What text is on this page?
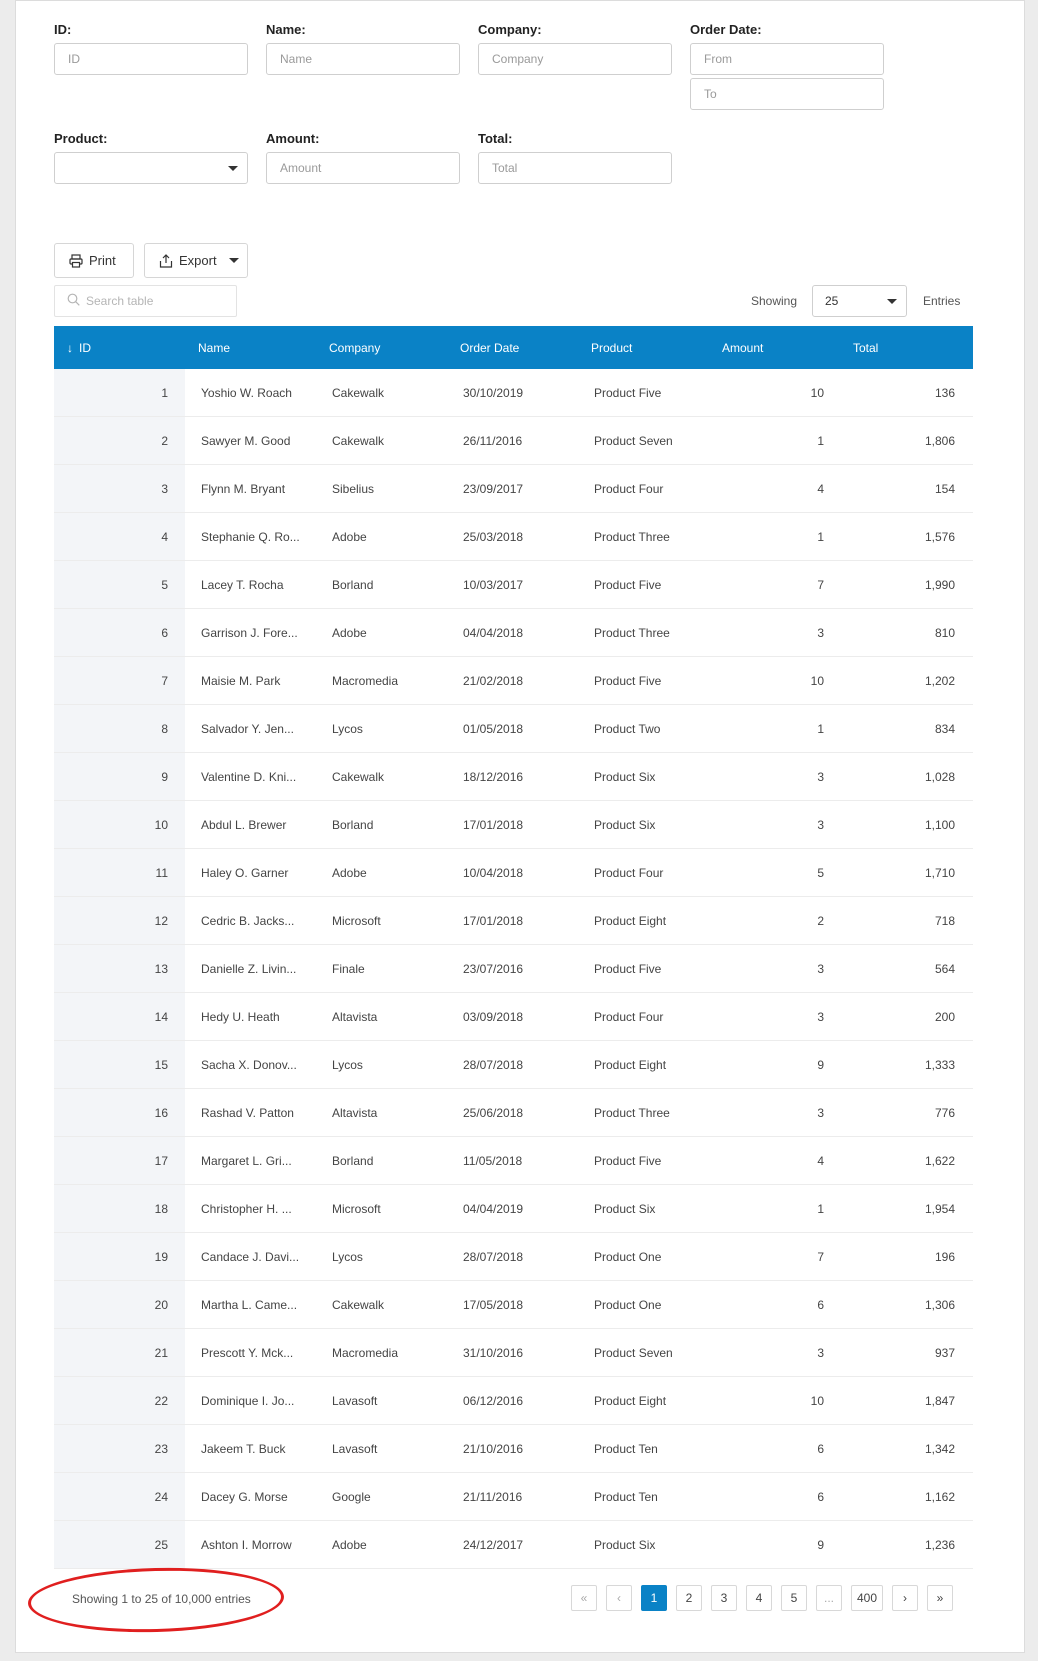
ID:
ID
Name:
Name
Company:
Company
Order Date:
From
To
Product:	Amount:
Amount
Total:
Total
Print	Export
Search table	Showing	25	Entries
↓ ID	Name	Company	Order Date	Product	Amount	Total
1	Yoshio W. Roach	Cakewalk	30/10/2019	Product Five	10	136
2	Sawyer M. Good	Cakewalk	26/11/2016	Product Seven	1	1,806
3	Flynn M. Bryant	Sibelius	23/09/2017	Product Four	4	154
4	Stephanie Q. Ro...	Adobe	25/03/2018	Product Three	1	1,576
5	Lacey T. Rocha	Borland	10/03/2017	Product Five	7	1,990
6	Garrison J. Fore...	Adobe	04/04/2018	Product Three	3	810
7	Maisie M. Park	Macromedia	21/02/2018	Product Five	10	1,202
8	Salvador Y. Jen...	Lycos	01/05/2018	Product Two	1	834
9	Valentine D. Kni...	Cakewalk	18/12/2016	Product Six	3	1,028
10	Abdul L. Brewer	Borland	17/01/2018	Product Six	3	1,100
11	Haley O. Garner	Adobe	10/04/2018	Product Four	5	1,710
12	Cedric B. Jacks...	Microsoft	17/01/2018	Product Eight	2	718
13	Danielle Z. Livin...	Finale	23/07/2016	Product Five	3	564
14	Hedy U. Heath	Altavista	03/09/2018	Product Four	3	200
15	Sacha X. Donov...	Lycos	28/07/2018	Product Eight	9	1,333
16	Rashad V. Patton	Altavista	25/06/2018	Product Three	3	776
17	Margaret L. Gri...	Borland	11/05/2018	Product Five	4	1,622
18	Christopher H. ...	Microsoft	04/04/2019	Product Six	1	1,954
19	Candace J. Davi...	Lycos	28/07/2018	Product One	7	196
20	Martha L. Came...	Cakewalk	17/05/2018	Product One	6	1,306
21	Prescott Y. Mck...	Macromedia	31/10/2016	Product Seven	3	937
22	Dominique I. Jo...	Lavasoft	06/12/2016	Product Eight	10	1,847
23	Jakeem T. Buck	Lavasoft	21/10/2016	Product Ten	6	1,342
24	Dacey G. Morse	Google	21/11/2016	Product Ten	6	1,162
25	Ashton I. Morrow	Adobe	24/12/2017	Product Six	9	1,236
Showing 1 to 25 of 10,000 entries	«	‹	1	2	3	4	5	...	400	›	»
